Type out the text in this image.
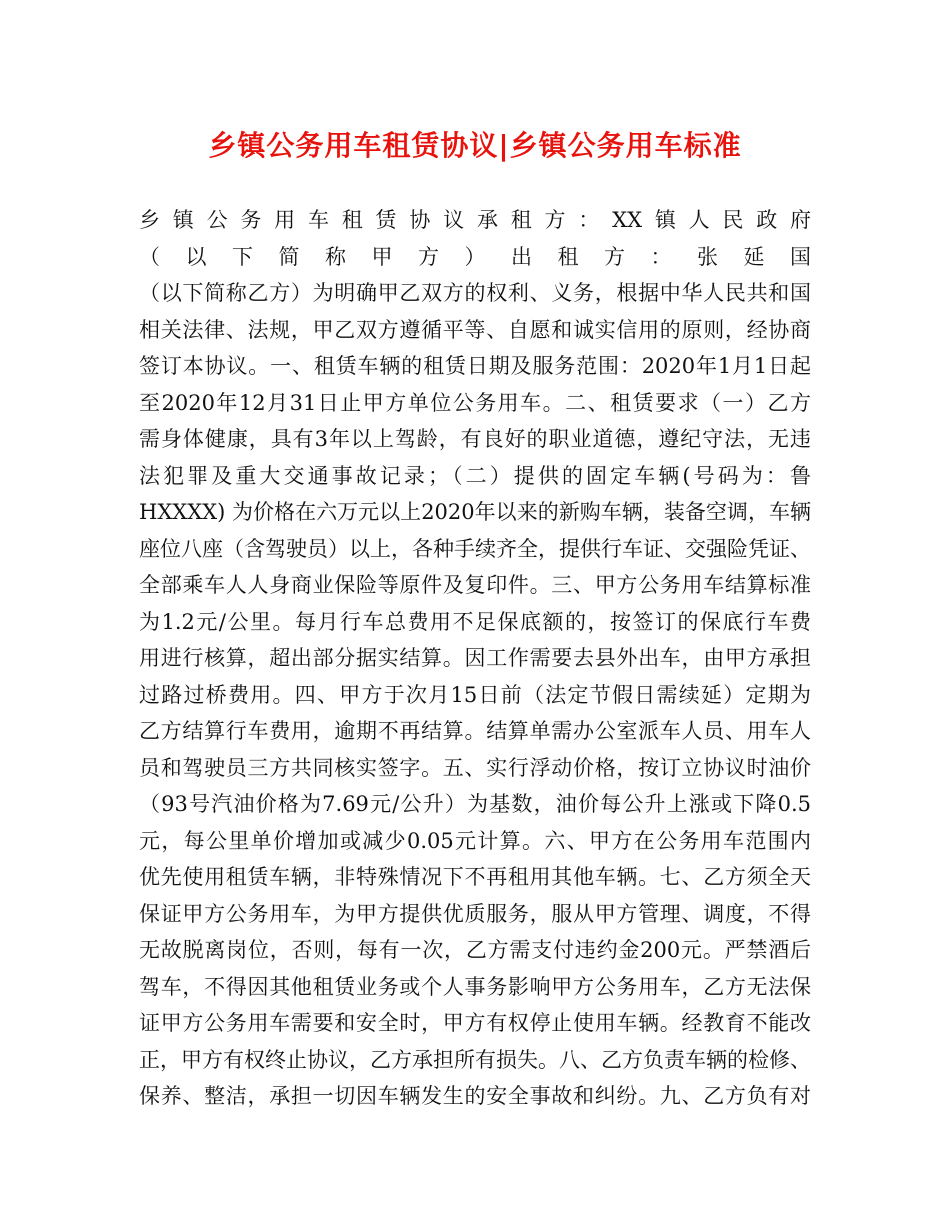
乡镇公务用车租赁协议|乡镇公务用车标准
乡镇公务用车租赁协议承租方：XX镇人民政府
（以下简称甲方）出租方：张延国
（以下简称乙方）为明确甲乙双方的权利、义务，根据中华人民共和国
相关法律、法规，甲乙双方遵循平等、自愿和诚实信用的原则，经协商
签订本协议。一、租赁车辆的租赁日期及服务范围：2020年1月1日起
至2020年12月31日止甲方单位公务用车。二、租赁要求（一）乙方
需身体健康，具有3年以上驾龄，有良好的职业道德，遵纪守法，无违
法犯罪及重大交通事故记录；（二）提供的固定车辆(号码为：鲁
HXXXX) 为价格在六万元以上2020年以来的新购车辆，装备空调，车辆
座位八座（含驾驶员）以上，各种手续齐全，提供行车证、交强险凭证、
全部乘车人人身商业保险等原件及复印件。三、甲方公务用车结算标准
为1.2元/公里。每月行车总费用不足保底额的，按签订的保底行车费
用进行核算，超出部分据实结算。因工作需要去县外出车，由甲方承担
过路过桥费用。四、甲方于次月15日前（法定节假日需续延）定期为
乙方结算行车费用，逾期不再结算。结算单需办公室派车人员、用车人
员和驾驶员三方共同核实签字。五、实行浮动价格，按订立协议时油价
（93号汽油价格为7.69元/公升）为基数，油价每公升上涨或下降0.5
元，每公里单价增加或减少0.05元计算。六、甲方在公务用车范围内
优先使用租赁车辆，非特殊情况下不再租用其他车辆。七、乙方须全天
保证甲方公务用车，为甲方提供优质服务，服从甲方管理、调度，不得
无故脱离岗位，否则，每有一次，乙方需支付违约金200元。严禁酒后
驾车，不得因其他租赁业务或个人事务影响甲方公务用车，乙方无法保
证甲方公务用车需要和安全时，甲方有权停止使用车辆。经教育不能改
正，甲方有权终止协议，乙方承担所有损失。八、乙方负责车辆的检修、
保养、整洁，承担一切因车辆发生的安全事故和纠纷。九、乙方负有对
